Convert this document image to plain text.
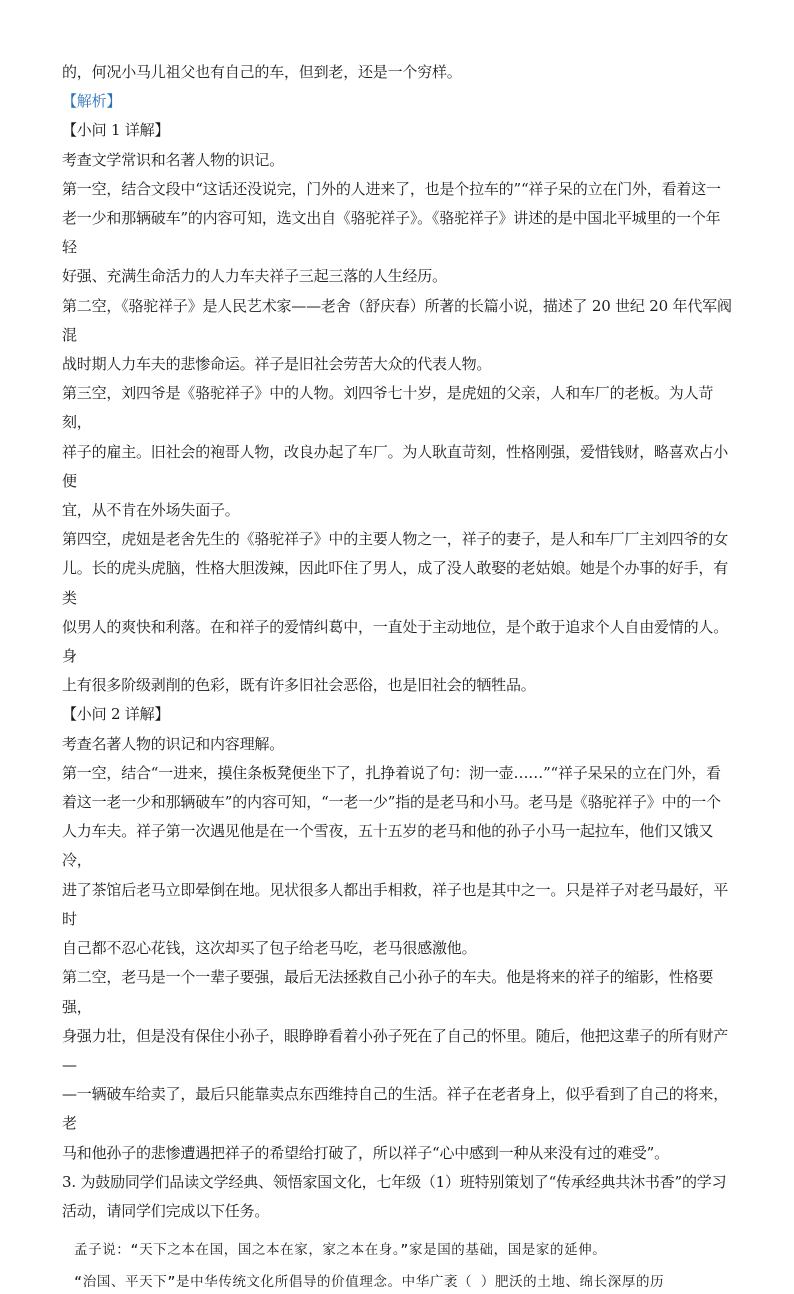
的，何况小马儿祖父也有自己的车，但到老，还是一个穷样。

【解析】

【小问 1 详解】

考查文学常识和名著人物的识记。

第一空，结合文段中“这话还没说完，门外的人进来了，也是个拉车的”“祥子呆的立在门外，看着这一

老一少和那辆破车”的内容可知，选文出自《骆驼祥子》。《骆驼祥子》讲述的是中国北平城里的一个年轻

好强、充满生命活力的人力车夫祥子三起三落的人生经历。

第二空，《骆驼祥子》是人民艺术家——老舍（舒庆春）所著的长篇小说，描述了 20 世纪 20 年代军阀混

战时期人力车夫的悲惨命运。祥子是旧社会劳苦大众的代表人物。

第三空，刘四爷是《骆驼祥子》中的人物。刘四爷七十岁，是虎妞的父亲，人和车厂的老板。为人苛刻，

祥子的雇主。旧社会的袍哥人物，改良办起了车厂。为人耿直苛刻，性格刚强，爱惜钱财，略喜欢占小便

宜，从不肯在外场失面子。

第四空，虎妞是老舍先生的《骆驼祥子》中的主要人物之一，祥子的妻子，是人和车厂厂主刘四爷的女

儿。长的虎头虎脑，性格大胆泼辣，因此吓住了男人，成了没人敢娶的老姑娘。她是个办事的好手，有类

似男人的爽快和利落。在和祥子的爱情纠葛中，一直处于主动地位，是个敢于追求个人自由爱情的人。身

上有很多阶级剥削的色彩，既有许多旧社会恶俗，也是旧社会的牺牲品。

【小问 2 详解】

考查名著人物的识记和内容理解。

第一空，结合“一进来，摸住条板凳便坐下了，扎挣着说了句：沏一壶……”“祥子呆呆的立在门外，看

着这一老一少和那辆破车”的内容可知，“一老一少”指的是老马和小马。老马是《骆驼祥子》中的一个

人力车夫。祥子第一次遇见他是在一个雪夜，五十五岁的老马和他的孙子小马一起拉车，他们又饿又冷，

进了茶馆后老马立即晕倒在地。见状很多人都出手相救，祥子也是其中之一。只是祥子对老马最好，平时

自己都不忍心花钱，这次却买了包子给老马吃，老马很感激他。

第二空，老马是一个一辈子要强，最后无法拯救自己小孙子的车夫。他是将来的祥子的缩影，性格要强，

身强力壮，但是没有保住小孙子，眼睁睁看着小孙子死在了自己的怀里。随后，他把这辈子的所有财产—

—一辆破车给卖了，最后只能靠卖点东西维持自己的生活。祥子在老者身上，似乎看到了自己的将来，老

马和他孙子的悲惨遭遇把祥子的希望给打破了，所以祥子“心中感到一种从来没有过的难受”。

3. 为鼓励同学们品读文学经典、领悟家国文化，七年级（1）班特别策划了“传承经典共沐书香”的学习

活动，请同学们完成以下任务。

孟子说：“天下之本在国，国之本在家，家之本在身。”家是国的基础，国是家的延伸。

“治国、平天下”是中华传统文化所倡导的价值理念。中华广袤（ ）肥沃的土地、绵长深厚的历
